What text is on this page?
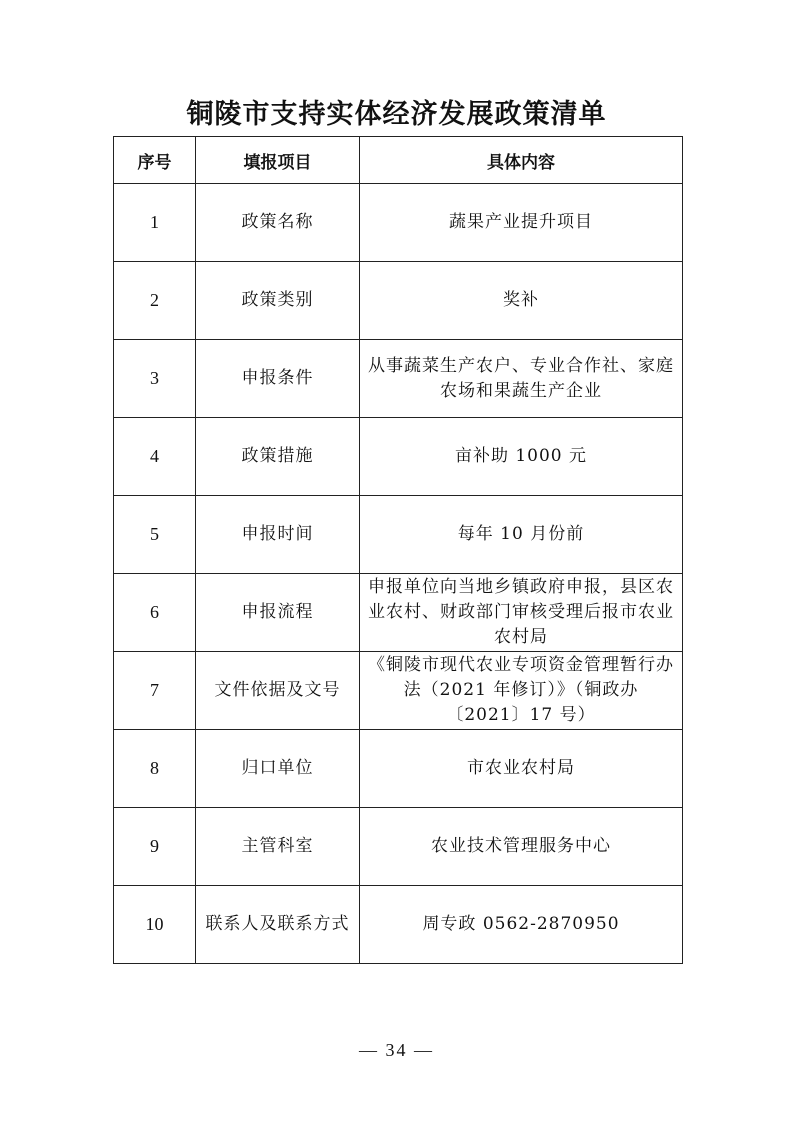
铜陵市支持实体经济发展政策清单
序号	填报项目	具体内容
1	政策名称	蔬果产业提升项目
2	政策类别	奖补
3	申报条件	从事蔬菜生产农户、专业合作社、家庭农场和果蔬生产企业
4	政策措施	亩补助 1000 元
5	申报时间	每年 10 月份前
6	申报流程	申报单位向当地乡镇政府申报，县区农业农村、财政部门审核受理后报市农业农村局
7	文件依据及文号	《铜陵市现代农业专项资金管理暂行办法（2021 年修订）》（铜政办〔2021〕17 号）
8	归口单位	市农业农村局
9	主管科室	农业技术管理服务中心
10	联系人及联系方式	周专政 0562-2870950
— 34 —
